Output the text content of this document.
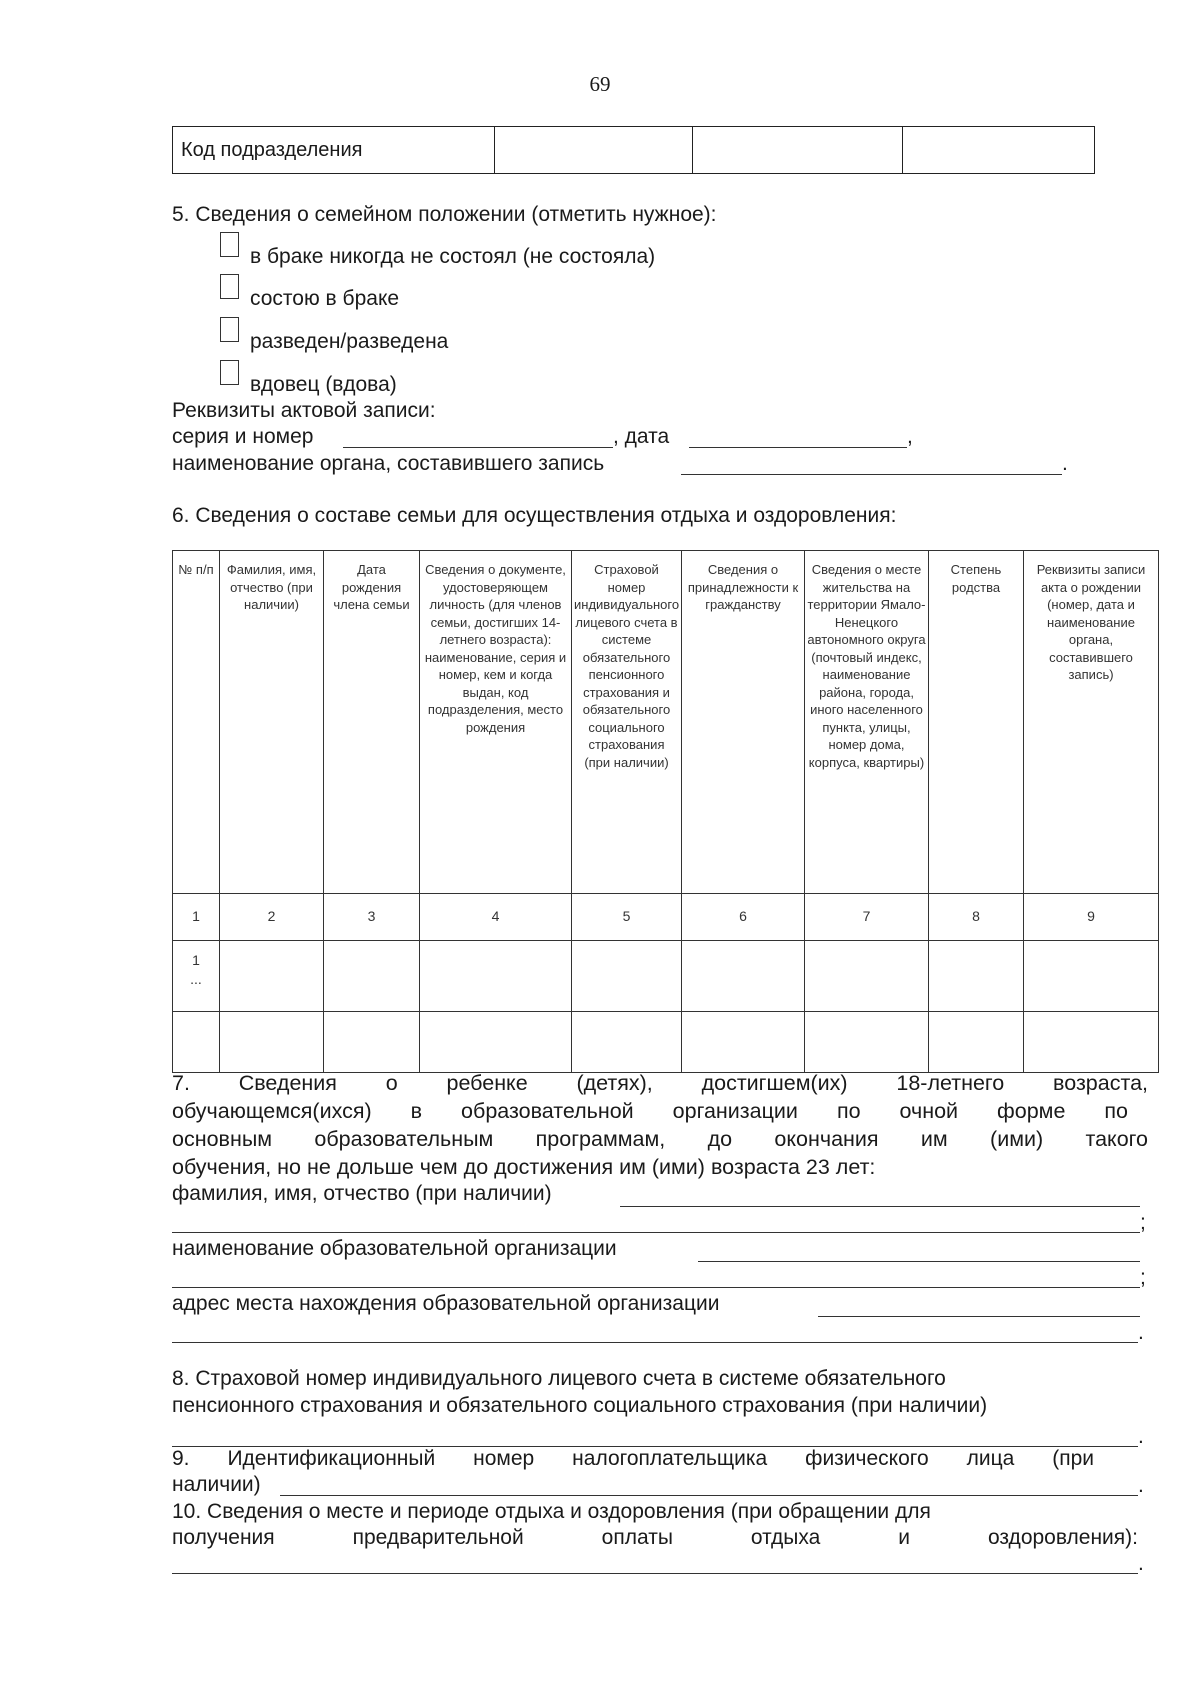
69
Код подразделения			
5. Сведения о семейном положении (отметить нужное):
в браке никогда не состоял (не состояла)
состою в браке
разведен/разведена
вдовец (вдова)
Реквизиты актовой записи:
серия и номер	, дата	,
наименование органа, составившего запись	.
6. Сведения о составе семьи для осуществления отдыха и оздоровления:
№ п/п	Фамилия, имя, отчество (при наличии)	Дата рождения члена семьи	Сведения о документе, удостоверяющем личность (для членов семьи, достигших 14-летнего возраста): наименование, серия и номер, кем и когда выдан, код подразделения, место рождения	Страховой номер индивидуального лицевого счета в системе обязательного пенсионного страхования и обязательного социального страхования (при наличии)	Сведения о принадлежности к гражданству	Сведения о месте жительства на территории Ямало-Ненецкого автономного округа (почтовый индекс, наименование района, города, иного населенного пункта, улицы, номер дома, корпуса, квартиры)	Степень родства	Реквизиты записи акта о рождении (номер, дата и наименование органа, составившего запись)
1	2	3	4	5	6	7	8	9

1
...								

7. Сведения о ребенке (детях), достигшем(их) 18-летнего возраста,
обучающемся(ихся) в образовательной организации по очной форме по
основным образовательным программам, до окончания им (ими) такого
обучения, но не дольше чем до достижения им (ими) возраста 23 лет:
фамилия, имя, отчество (при наличии)
;
наименование образовательной организации
;
адрес места нахождения образовательной организации
.
8. Страховой номер индивидуального лицевого счета в системе обязательного
пенсионного страхования и обязательного социального страхования (при наличии)
.
9. Идентификационный номер налогоплательщика физического лица (при
наличии)	.
10. Сведения о месте и периоде отдыха и оздоровления (при обращении для
получения предварительной оплаты отдыха и оздоровления):
.
